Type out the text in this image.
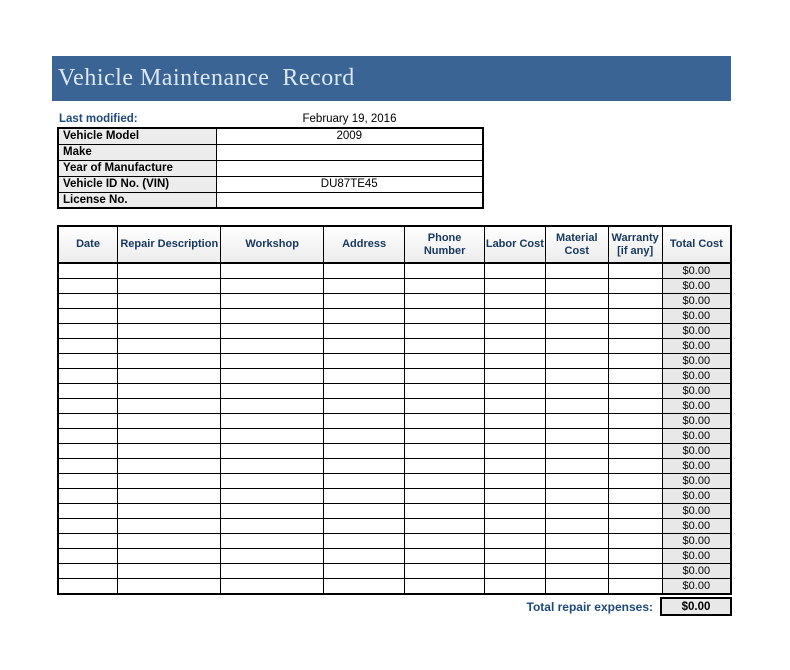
Vehicle Maintenance  Record
Last modified:	February 19, 2016
Vehicle Model	2009
Make	
Year of Manufacture	
Vehicle ID No. (VIN)	DU87TE45
License No.	
Date	Repair Description	Workshop	Address	Phone Number	Labor Cost	Material Cost	Warranty [if any]	Total Cost
								$0.00
								$0.00
								$0.00
								$0.00
								$0.00
								$0.00
								$0.00
								$0.00
								$0.00
								$0.00
								$0.00
								$0.00
								$0.00
								$0.00
								$0.00
								$0.00
								$0.00
								$0.00
								$0.00
								$0.00
								$0.00
								$0.00
Total repair expenses:	$0.00
